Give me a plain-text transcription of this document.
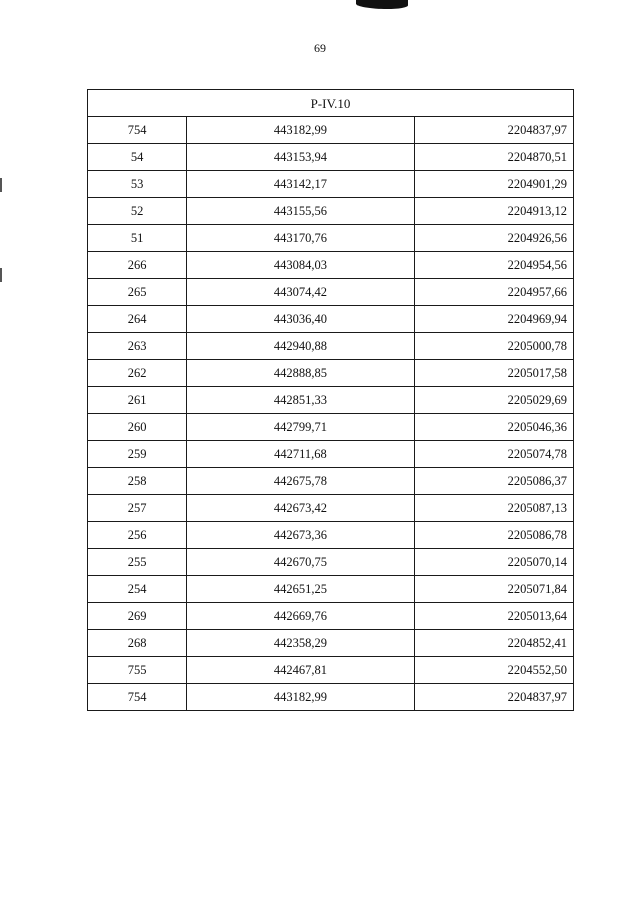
69
P-IV.10		
754	443182,99	2204837,97
54	443153,94	2204870,51
53	443142,17	2204901,29
52	443155,56	2204913,12
51	443170,76	2204926,56
266	443084,03	2204954,56
265	443074,42	2204957,66
264	443036,40	2204969,94
263	442940,88	2205000,78
262	442888,85	2205017,58
261	442851,33	2205029,69
260	442799,71	2205046,36
259	442711,68	2205074,78
258	442675,78	2205086,37
257	442673,42	2205087,13
256	442673,36	2205086,78
255	442670,75	2205070,14
254	442651,25	2205071,84
269	442669,76	2205013,64
268	442358,29	2204852,41
755	442467,81	2204552,50
754	443182,99	2204837,97
